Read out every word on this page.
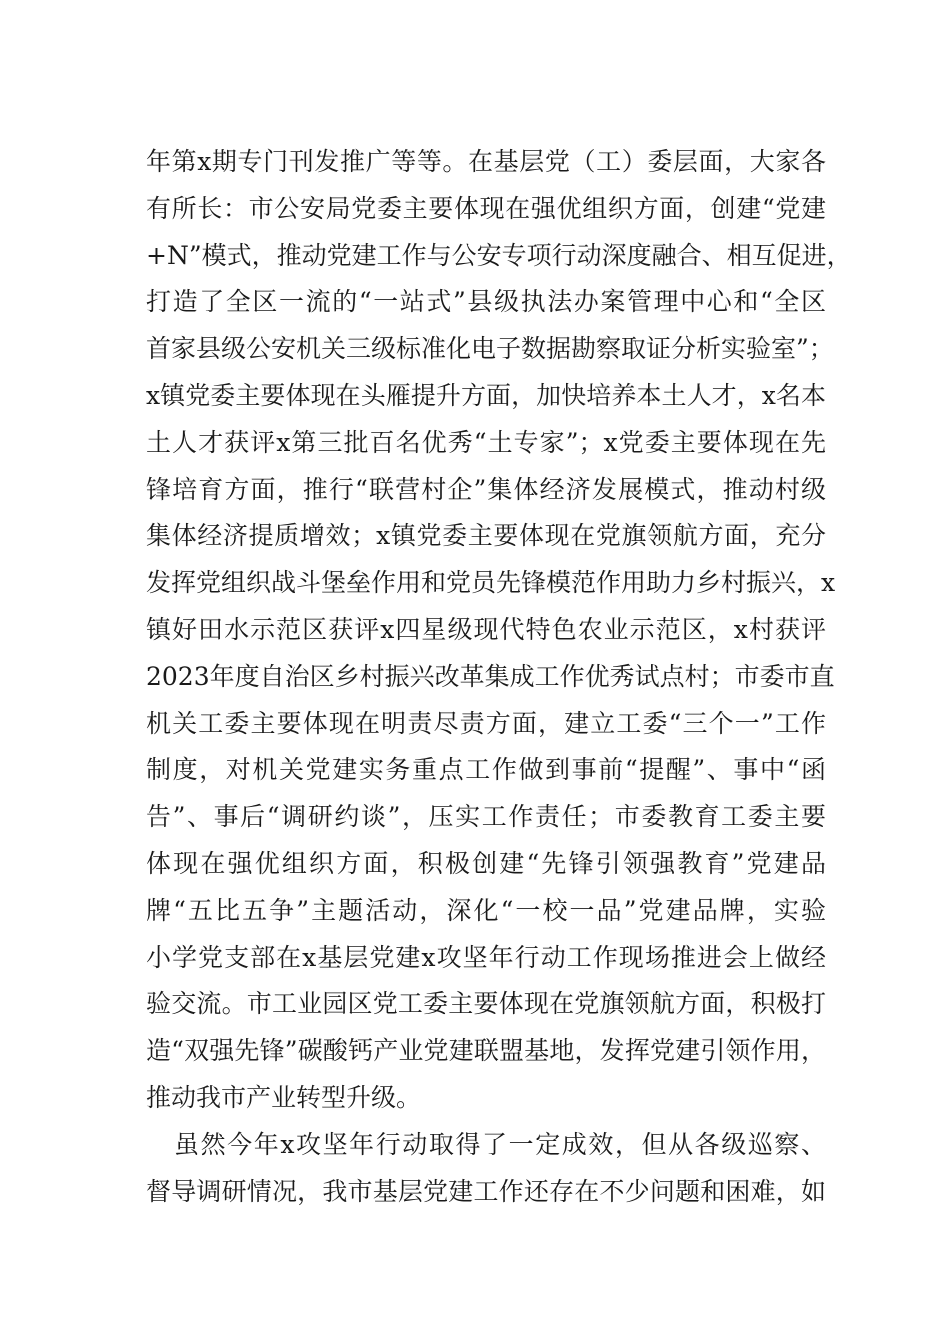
年第x期专门刊发推广等等。在基层党（工）委层面，大家各
有所长：市公安局党委主要体现在强优组织方面，创建“党建
+N”模式，推动党建工作与公安专项行动深度融合、相互促进，
打造了全区一流的“一站式”县级执法办案管理中心和“全区
首家县级公安机关三级标准化电子数据勘察取证分析实验室”；
x镇党委主要体现在头雁提升方面，加快培养本土人才，x名本
土人才获评x第三批百名优秀“土专家”；x党委主要体现在先
锋培育方面，推行“联营村企”集体经济发展模式，推动村级
集体经济提质增效；x镇党委主要体现在党旗领航方面，充分
发挥党组织战斗堡垒作用和党员先锋模范作用助力乡村振兴，x
镇好田水示范区获评x四星级现代特色农业示范区，x村获评
2023年度自治区乡村振兴改革集成工作优秀试点村；市委市直
机关工委主要体现在明责尽责方面，建立工委“三个一”工作
制度，对机关党建实务重点工作做到事前“提醒”、事中“函
告”、事后“调研约谈”，压实工作责任；市委教育工委主要
体现在强优组织方面，积极创建“先锋引领强教育”党建品
牌“五比五争”主题活动，深化“一校一品”党建品牌，实验
小学党支部在x基层党建x攻坚年行动工作现场推进会上做经
验交流。市工业园区党工委主要体现在党旗领航方面，积极打
造“双强先锋”碳酸钙产业党建联盟基地，发挥党建引领作用，
推动我市产业转型升级。
虽然今年x攻坚年行动取得了一定成效，但从各级巡察、
督导调研情况，我市基层党建工作还存在不少问题和困难，如
